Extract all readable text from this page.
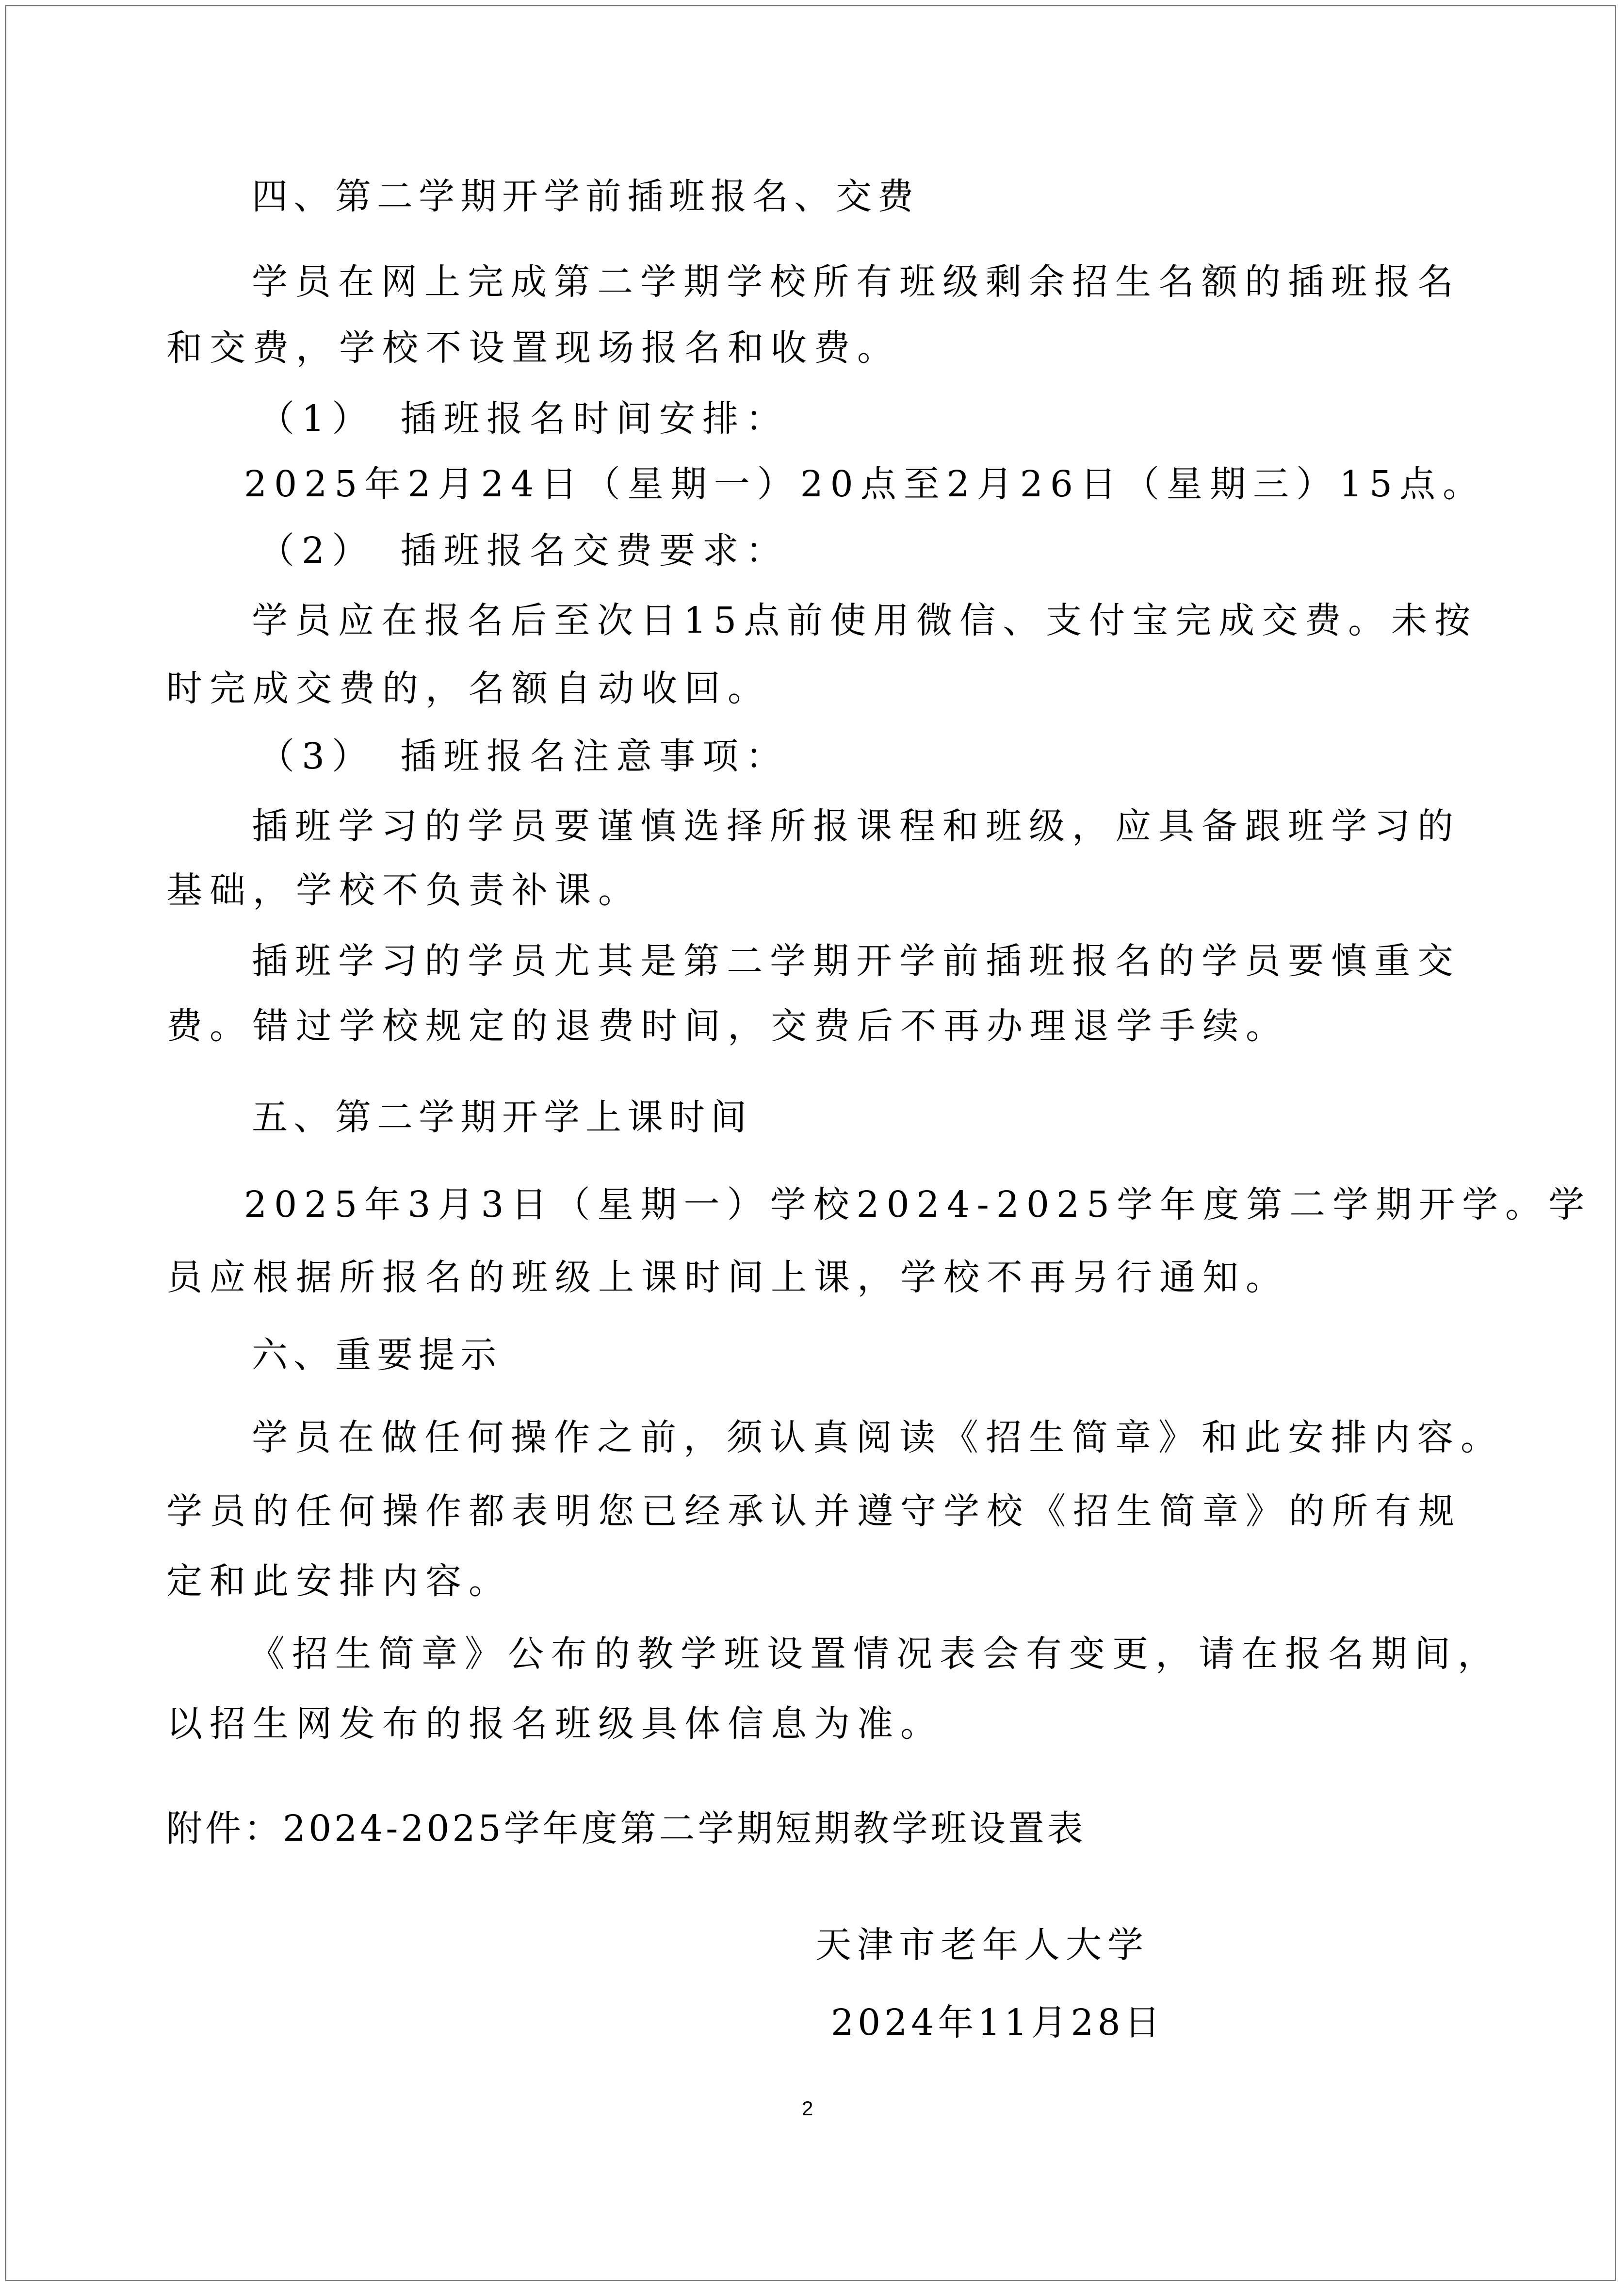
四、第二学期开学前插班报名、交费

学员在网上完成第二学期学校所有班级剩余招生名额的插班报名

和交费，学校不设置现场报名和收费。

（1）　插班报名时间安排：

2025年2月24日（星期一）20点至2月26日（星期三）15点。

（2）　插班报名交费要求：

学员应在报名后至次日15点前使用微信、支付宝完成交费。未按

时完成交费的，名额自动收回。

（3）　插班报名注意事项：

插班学习的学员要谨慎选择所报课程和班级，应具备跟班学习的

基础，学校不负责补课。

插班学习的学员尤其是第二学期开学前插班报名的学员要慎重交

费。错过学校规定的退费时间，交费后不再办理退学手续。

五、第二学期开学上课时间

2025年3月3日（星期一）学校2024-2025学年度第二学期开学。学

员应根据所报名的班级上课时间上课，学校不再另行通知。

六、重要提示

学员在做任何操作之前，须认真阅读《招生简章》和此安排内容。

学员的任何操作都表明您已经承认并遵守学校《招生简章》的所有规

定和此安排内容。

《招生简章》公布的教学班设置情况表会有变更，请在报名期间，

以招生网发布的报名班级具体信息为准。

附件：2024-2025学年度第二学期短期教学班设置表

天津市老年人大学

2024年11月28日

2
